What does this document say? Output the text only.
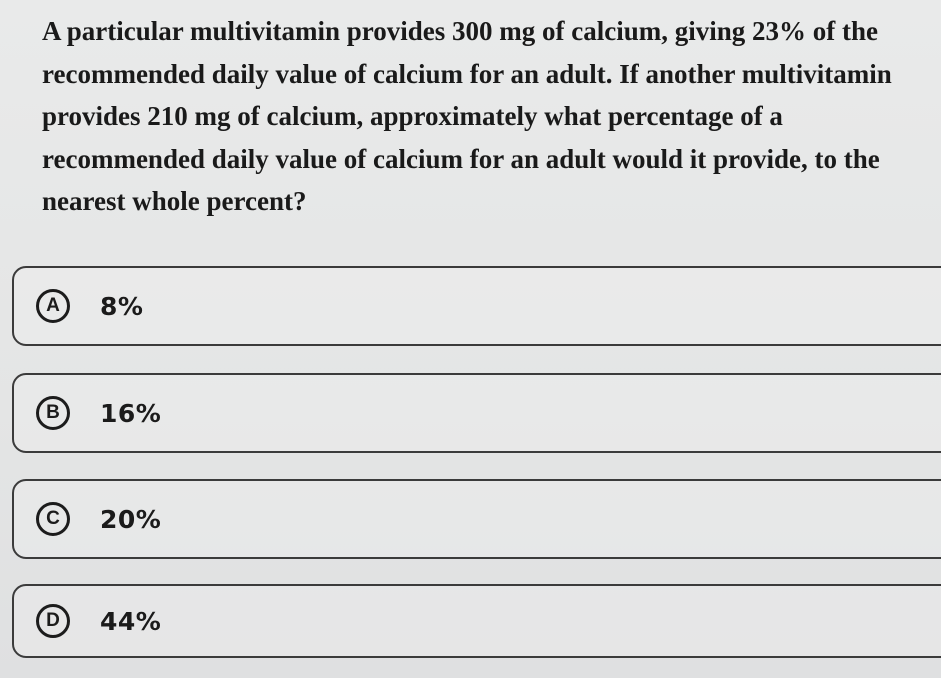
A particular multivitamin provides 300 mg of calcium, giving 23% of the recommended daily value of calcium for an adult. If another multivitamin provides 210 mg of calcium, approximately what percentage of a recommended daily value of calcium for an adult would it provide, to the nearest whole percent?

A	8%
B	16%
C	20%
D	44%
